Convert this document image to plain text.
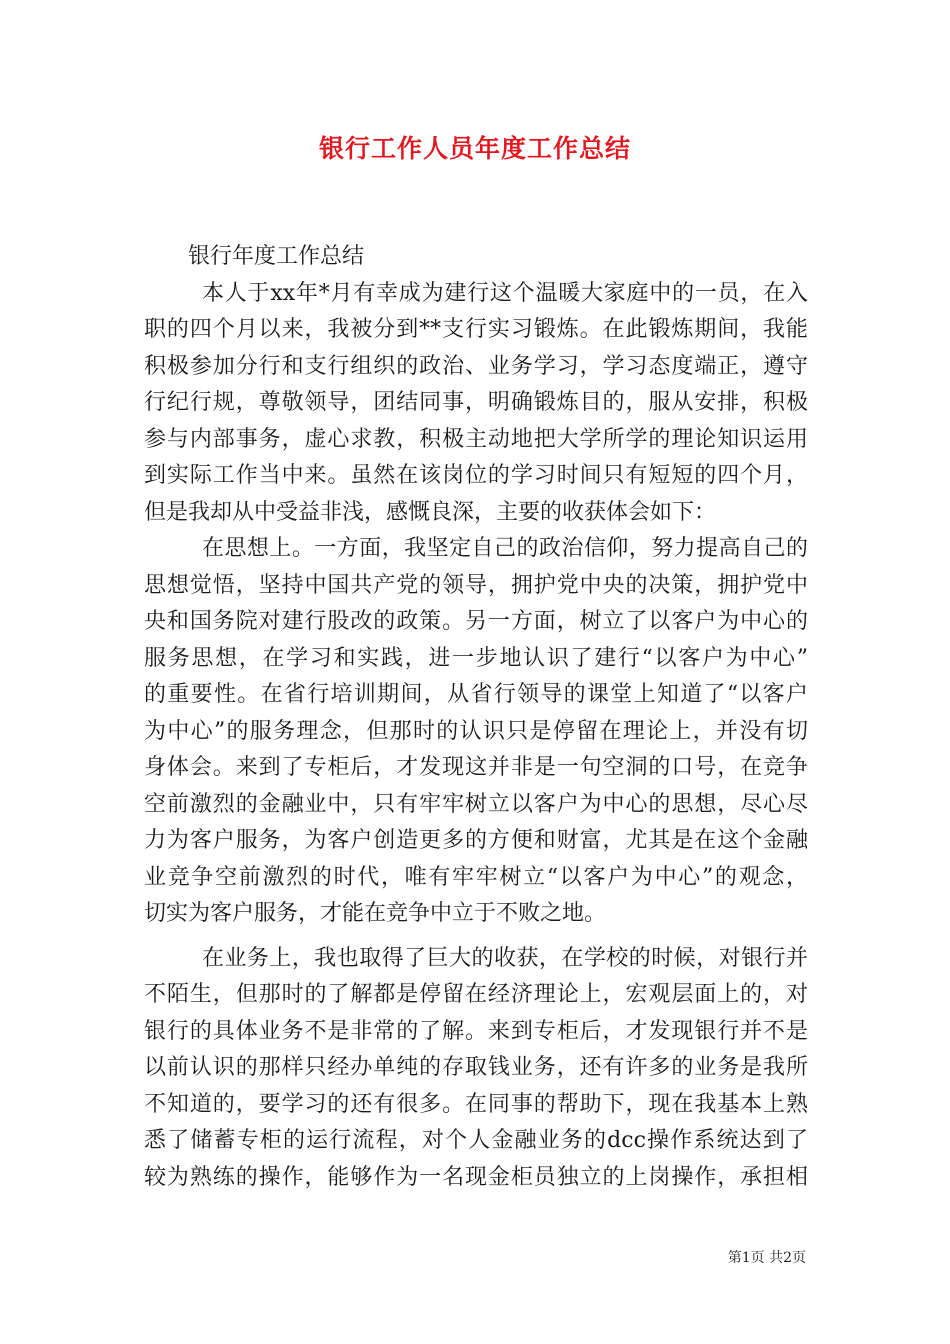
银行工作人员年度工作总结
银行年度工作总结
本人于xx年*月有幸成为建行这个温暖大家庭中的一员，在入
职的四个月以来，我被分到**支行实习锻炼。在此锻炼期间，我能
积极参加分行和支行组织的政治、业务学习，学习态度端正，遵守
行纪行规，尊敬领导，团结同事，明确锻炼目的，服从安排，积极
参与内部事务，虚心求教，积极主动地把大学所学的理论知识运用
到实际工作当中来。虽然在该岗位的学习时间只有短短的四个月，
但是我却从中受益非浅，感慨良深，主要的收获体会如下：
在思想上。一方面，我坚定自己的政治信仰，努力提高自己的
思想觉悟，坚持中国共产党的领导，拥护党中央的决策，拥护党中
央和国务院对建行股改的政策。另一方面，树立了以客户为中心的
服务思想，在学习和实践，进一步地认识了建行“以客户为中心”
的重要性。在省行培训期间，从省行领导的课堂上知道了“以客户
为中心”的服务理念，但那时的认识只是停留在理论上，并没有切
身体会。来到了专柜后，才发现这并非是一句空洞的口号，在竞争
空前激烈的金融业中，只有牢牢树立以客户为中心的思想，尽心尽
力为客户服务，为客户创造更多的方便和财富，尤其是在这个金融
业竞争空前激烈的时代，唯有牢牢树立“以客户为中心”的观念，
切实为客户服务，才能在竞争中立于不败之地。
在业务上，我也取得了巨大的收获，在学校的时候，对银行并
不陌生，但那时的了解都是停留在经济理论上，宏观层面上的，对
银行的具体业务不是非常的了解。来到专柜后，才发现银行并不是
以前认识的那样只经办单纯的存取钱业务，还有许多的业务是我所
不知道的，要学习的还有很多。在同事的帮助下，现在我基本上熟
悉了储蓄专柜的运行流程，对个人金融业务的dcc操作系统达到了
较为熟练的操作，能够作为一名现金柜员独立的上岗操作，承担相
第1页 共2页
